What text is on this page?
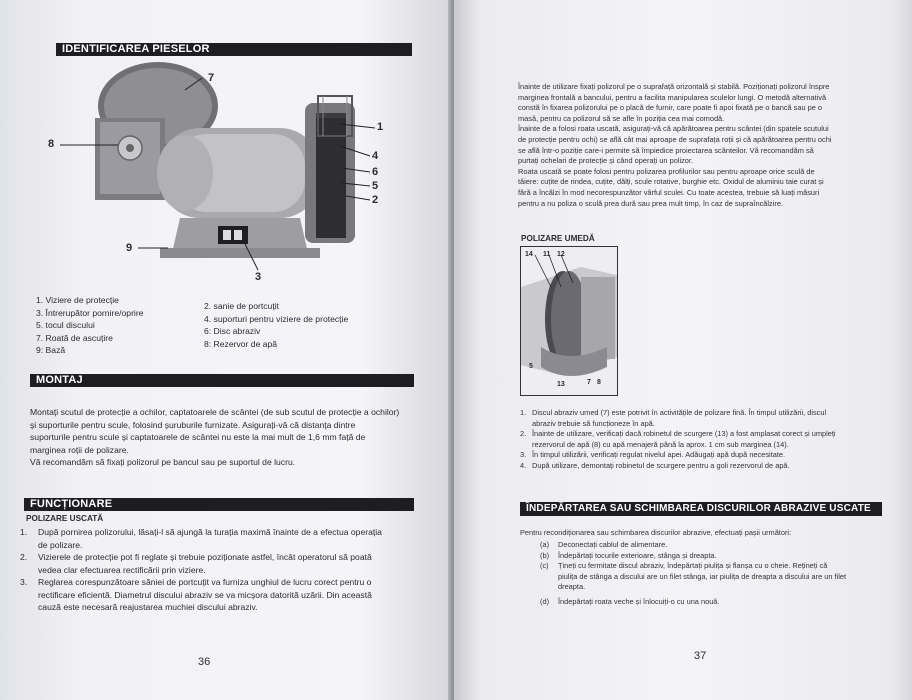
IDENTIFICAREA PIESELOR
7
1
8
4
6
5
2
9
3
1. Viziere de protecție
3. Întrerupător pornire/oprire
5. tocul discului
7. Roată de ascuțire
9: Bază
2. sanie de portcuțit
4. suporturi pentru viziere de protecție
6: Disc abraziv
8: Rezervor de apă
MONTAJ
Montați scutul de protecție a ochilor, captatoarele de scântei (de sub scutul de protecție a ochilor)
și suporturile pentru scule, folosind șuruburile furnizate. Asigurați-vă că distanța dintre
suporturile pentru scule și captatoarele de scântei nu este la mai mult de 1,6 mm față de
marginea roții de polizare.
Vă recomandăm să fixați polizorul pe bancul sau pe suportul de lucru.
FUNCȚIONARE
POLIZARE USCATĂ
1. După pornirea polizorului, lăsați-l să ajungă la turația maximă înainte de a efectua operația
de polizare.
2. Vizierele de protecție pot fi reglate și trebuie poziționate astfel, încât operatorul să poată
vedea clar efectuarea rectificării prin viziere.
3. Reglarea corespunzătoare săniei de portcuțit va furniza unghiul de lucru corect pentru o
rectificare eficientă. Diametrul discului abraziv se va micșora datorită uzării. Din această
cauză este necesară reajustarea muchiei discului abraziv.
36
Înainte de utilizare fixați polizorul pe o suprafață orizontală și stabilă. Poziționați polizorul înspre
marginea frontală a bancului, pentru a facilita manipularea sculelor lungi. O metodă alternativă
constă în fixarea polizorului pe o placă de furnir, care poate fi apoi fixată pe o bancă sau pe o
masă, pentru ca polizorul să se afle în poziția cea mai comodă.
Înainte de a folosi roata uscată, asigurați-vă că apărătoarea pentru scântei (din spatele scutului
de protecție pentru ochi) se află cât mai aproape de suprafața roții și că apărătoarea pentru ochi
se află într-o poziție care-i permite să împiedice proiectarea scânteilor. Vă recomandăm să
purtați ochelari de protecție și când operați un polizor.
Roata uscată se poate folosi pentru polizarea profilurilor sau pentru aproape orice sculă de
tăiere: cuțite de rindea, cuțite, dălți, scule rotative, burghie etc. Oxidul de aluminiu taie curat și
fără a încălzi în mod necorespunzător vârful sculei. Cu toate acestea, trebuie să luați măsuri
pentru a nu poliza o sculă prea dură sau prea mult timp, în caz de supraîncălzire.
POLIZARE UMEDĂ
14 11 12
5
13	7 8
1. Discul abraziv umed (7) este potrivit în activitățile de polizare fină. În timpul utilizării, discul
abraziv trebuie să funcționeze în apă.
2. Înainte de utilizare, verificați dacă robinetul de scurgere (13) a fost amplasat corect și umpleți
rezervorul de apă (8) cu apă menajeră până la aprox. 1 cm sub marginea (14).
3. În timpul utilizării, verificați regulat nivelul apei. Adăugați apă după necesitate.
4. După utilizare, demontați robinetul de scurgere pentru a goli rezervorul de apă.
ÎNDEPĂRTAREA SAU SCHIMBAREA DISCURILOR ABRAZIVE USCATE
Pentru recondiționarea sau schimbarea discurilor abrazive, efectuați pașii următori:
(a) Deconectați cablul de alimentare.
(b) Îndepărtați tocurile exterioare, stânga și dreapta.
(c) Țineți cu fermitate discul abraziv, îndepărtați piulița și flanșa cu o cheie. Rețineți că
piulița de stânga a discului are un filet stânga, iar piulița de dreapta a discului are un filet
dreapta.
(d) Îndepărtați roata veche și înlocuiți-o cu una nouă.
37
